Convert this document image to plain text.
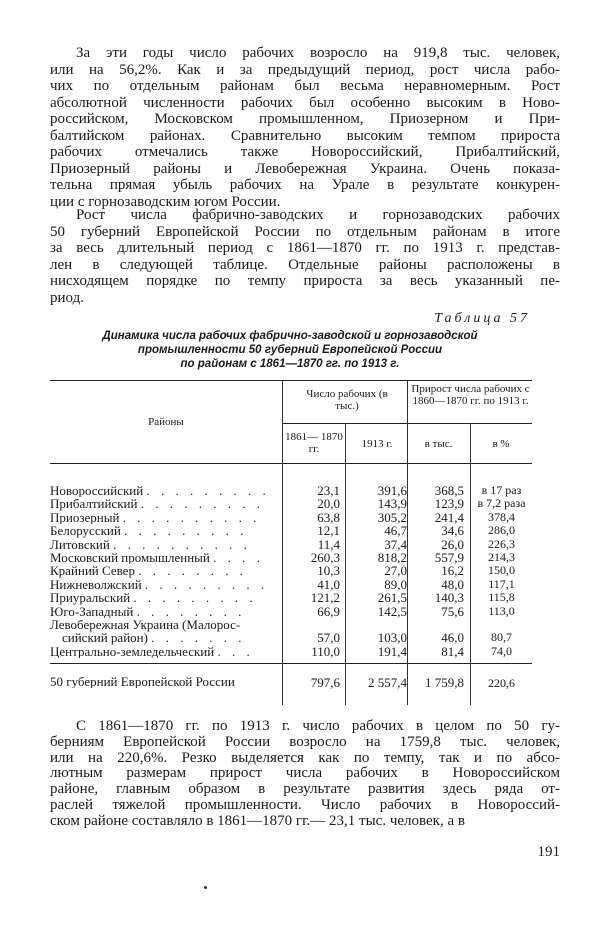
За эти годы число рабочих возросло на 919,8 тыс. человек,
или на 56,2%. Как и за предыдущий период, рост числа рабо-
чих по отдельным районам был весьма неравномерным. Рост
абсолютной численности рабочих был особенно высоким в Ново-
российском, Московском промышленном, Приозерном и При-
балтийском районах. Сравнительно высоким темпом прироста
рабочих отмечались также Новороссийский, Прибалтийский,
Приозерный районы и Левобережная Украина. Очень показа-
тельна прямая убыль рабочих на Урале в результате конкурен-
ции с горнозаводским югом России.
Рост числа фабрично-заводских и горнозаводских рабочих
50 губерний Европейской России по отдельным районам в итоге
за весь длительный период с 1861—1870 гг. по 1913 г. представ-
лен в следующей таблице. Отдельные районы расположены в
нисходящем порядке по темпу прироста за весь указанный пе-
риод.
Таблица 57
Динамика числа рабочих фабрично-заводской и горнозаводской
промышленности 50 губерний Европейской России
по районам с 1861—1870 гг. по 1913 г.
Районы
Число рабочих (в тыс.)
Прирост числа рабочих с 1860—1870 гг. по 1913 г.
1861— 1870 гг.	1913 г.	в тыс.	в %
Новороссийский . . . . . . . . .	23,1	391,6	368,5	в 17 раз
Прибалтийский . . . . . . . . .	20,0	143,9	123,9	в 7,2 раза
Приозерный . . . . . . . . . .	63,8	305,2	241,4	378,4
Белорусский . . . . . . . . .	12,1	46,7	34,6	286,0
Литовский . . . . . . . . . .	11,4	37,4	26,0	226,3
Московский промышленный . . . .	260,3	818,2	557,9	214,3
Крайний Север . . . . . . . .	10,3	27,0	16,2	150,0
Нижневолжский . . . . . . . . .	41,0	89,0	48,0	117,1
Приуральский . . . . . . . . .	121,2	261,5	140,3	115,8
Юго-Западный . . . . . . . .	66,9	142,5	75,6	113,0
Левобережная Украина (Малорос-
сийский район) . . . . . . .	57,0	103,0	46,0	80,7
Центрально-земледельческий . . .	110,0	191,4	81,4	74,0
50 губерний Европейской России	797,6	2 557,4	1 759,8	220,6
С 1861—1870 гг. по 1913 г. число рабочих в целом по 50 гу-
берниям Европейской России возросло на 1759,8 тыс. человек,
или на 220,6%. Резко выделяется как по темпу, так и по абсо-
лютным размерам прирост числа рабочих в Новороссийском
районе, главным образом в результате развития здесь ряда от-
раслей тяжелой промышленности. Число рабочих в Новороссий-
ском районе составляло в 1861—1870 гг.— 23,1 тыс. человек, а в
191
